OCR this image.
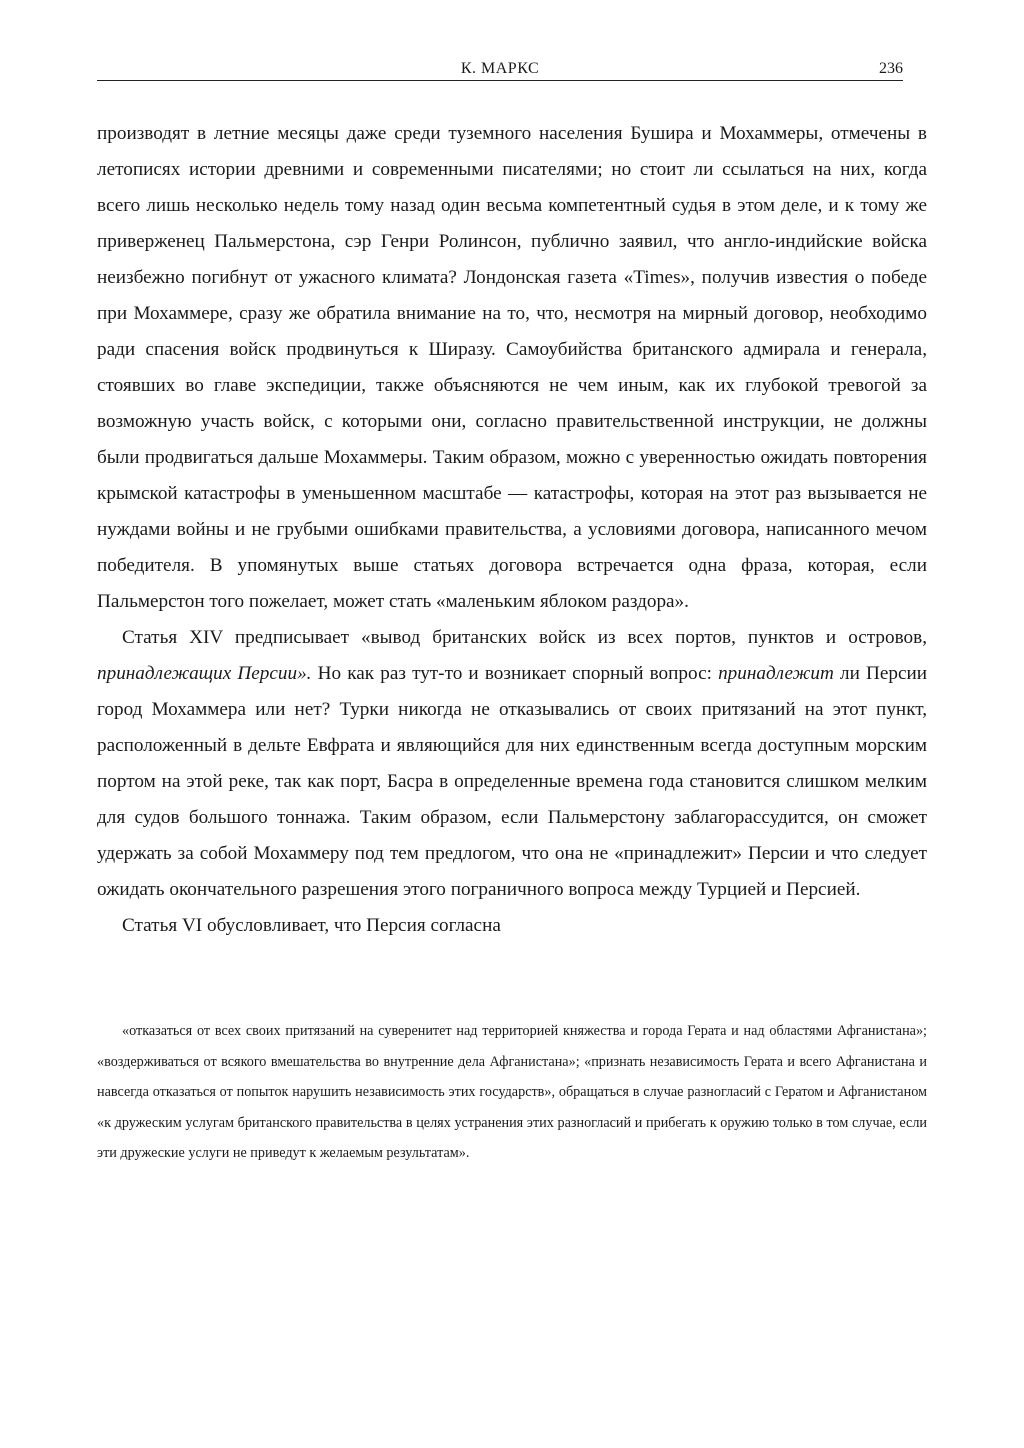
К. МАРКС	236

производят в летние месяцы даже среди туземного населения Бушира и Мохаммеры, отмечены в летописях истории древними и современными писателями; но стоит ли ссылаться на них, когда всего лишь несколько недель тому назад один весьма компетентный судья в этом деле, и к тому же приверженец Пальмерстона, сэр Генри Ролинсон, публично заявил, что англо-индийские войска неизбежно погибнут от ужасного климата? Лондонская газета «Times», получив известия о победе при Мохаммере, сразу же обратила внимание на то, что, несмотря на мирный договор, необходимо ради спасения войск продвинуться к Ширазу. Самоубийства британского адмирала и генерала, стоявших во главе экспедиции, также объясняются не чем иным, как их глубокой тревогой за возможную участь войск, с которыми они, согласно правительственной инструкции, не должны были продвигаться дальше Мохаммеры. Таким образом, можно с уверенностью ожидать повторения крымской катастрофы в уменьшенном масштабе — катастрофы, которая на этот раз вызывается не нуждами войны и не грубыми ошибками правительства, а условиями договора, написанного мечом победителя. В упомянутых выше статьях договора встречается одна фраза, которая, если Пальмерстон того пожелает, может стать «маленьким яблоком раздора».

Статья XIV предписывает «вывод британских войск из всех портов, пунктов и островов, принадлежащих Персии». Но как раз тут-то и возникает спорный вопрос: принадлежит ли Персии город Мохаммера или нет? Турки никогда не отказывались от своих притязаний на этот пункт, расположенный в дельте Евфрата и являющийся для них единственным всегда доступным морским портом на этой реке, так как порт, Басра в определенные времена года становится слишком мелким для судов большого тоннажа. Таким образом, если Пальмерстону заблагорассудится, он сможет удержать за собой Мохаммеру под тем предлогом, что она не «принадлежит» Персии и что следует ожидать окончательного разрешения этого пограничного вопроса между Турцией и Персией.

Статья VI обусловливает, что Персия согласна

«отказаться от всех своих притязаний на суверенитет над территорией княжества и города Герата и над областями Афганистана»; «воздерживаться от всякого вмешательства во внутренние дела Афганистана»; «признать независимость Герата и всего Афганистана и навсегда отказаться от попыток нарушить независимость этих государств», обращаться в случае разногласий с Гератом и Афганистаном «к дружеским услугам британского правительства в целях устранения этих разногласий и прибегать к оружию только в том случае, если эти дружеские услуги не приведут к желаемым результатам».
